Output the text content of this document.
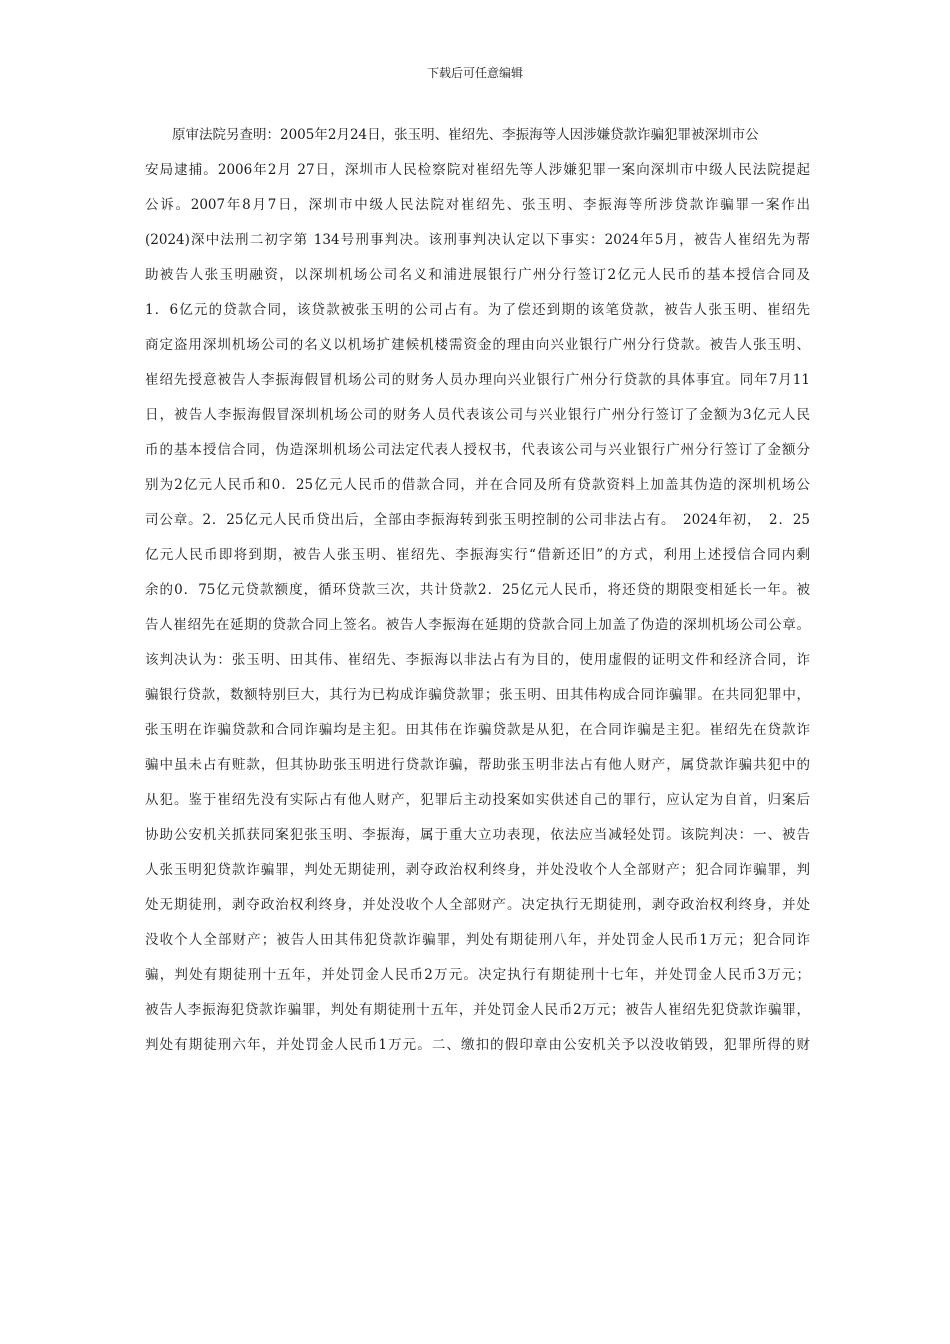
下载后可任意编辑
原审法院另查明：2005年2月24日，张玉明、崔绍先、李振海等人因涉嫌贷款诈骗犯罪被深圳市公
安局逮捕。2006年2月 27日，深圳市人民检察院对崔绍先等人涉嫌犯罪一案向深圳市中级人民法院提起
公诉。2007年8月7日，深圳市中级人民法院对崔绍先、张玉明、李振海等所涉贷款诈骗罪一案作出
(2024)深中法刑二初字第 134号刑事判决。该刑事判决认定以下事实：2024年5月，被告人崔绍先为帮
助被告人张玉明融资，以深圳机场公司名义和浦进展银行广州分行签订2亿元人民币的基本授信合同及
1．6亿元的贷款合同，该贷款被张玉明的公司占有。为了偿还到期的该笔贷款，被告人张玉明、崔绍先
商定盗用深圳机场公司的名义以机场扩建候机楼需资金的理由向兴业银行广州分行贷款。被告人张玉明、
崔绍先授意被告人李振海假冒机场公司的财务人员办理向兴业银行广州分行贷款的具体事宜。同年7月11
日，被告人李振海假冒深圳机场公司的财务人员代表该公司与兴业银行广州分行签订了金额为3亿元人民
币的基本授信合同，伪造深圳机场公司法定代表人授权书，代表该公司与兴业银行广州分行签订了金额分
别为2亿元人民币和0．25亿元人民币的借款合同，并在合同及所有贷款资料上加盖其伪造的深圳机场公
司公章。2．25亿元人民币贷出后，全部由李振海转到张玉明控制的公司非法占有。　2024年初，　2．25
亿元人民币即将到期，被告人张玉明、崔绍先、李振海实行“借新还旧”的方式，利用上述授信合同内剩
余的0．75亿元贷款额度，循环贷款三次，共计贷款2．25亿元人民币，将还贷的期限变相延长一年。被
告人崔绍先在延期的贷款合同上签名。被告人李振海在延期的贷款合同上加盖了伪造的深圳机场公司公章。
该判决认为：张玉明、田其伟、崔绍先、李振海以非法占有为目的，使用虚假的证明文件和经济合同，诈
骗银行贷款，数额特别巨大，其行为已构成诈骗贷款罪；张玉明、田其伟构成合同诈骗罪。在共同犯罪中，
张玉明在诈骗贷款和合同诈骗均是主犯。田其伟在诈骗贷款是从犯，在合同诈骗是主犯。崔绍先在贷款诈
骗中虽未占有赃款，但其协助张玉明进行贷款诈骗，帮助张玉明非法占有他人财产，属贷款诈骗共犯中的
从犯。鉴于崔绍先没有实际占有他人财产，犯罪后主动投案如实供述自己的罪行，应认定为自首，归案后
协助公安机关抓获同案犯张玉明、李振海，属于重大立功表现，依法应当减轻处罚。该院判决：一、被告
人张玉明犯贷款诈骗罪，判处无期徒刑，剥夺政治权利终身，并处没收个人全部财产；犯合同诈骗罪，判
处无期徒刑，剥夺政治权利终身，并处没收个人全部财产。决定执行无期徒刑，剥夺政治权利终身，并处
没收个人全部财产；被告人田其伟犯贷款诈骗罪，判处有期徒刑八年，并处罚金人民币1万元；犯合同诈
骗，判处有期徒刑十五年，并处罚金人民币2万元。决定执行有期徒刑十七年，并处罚金人民币3万元；
被告人李振海犯贷款诈骗罪，判处有期徒刑十五年，并处罚金人民币2万元；被告人崔绍先犯贷款诈骗罪，
判处有期徒刑六年，并处罚金人民币1万元。二、缴扣的假印章由公安机关予以没收销毁，犯罪所得的财
